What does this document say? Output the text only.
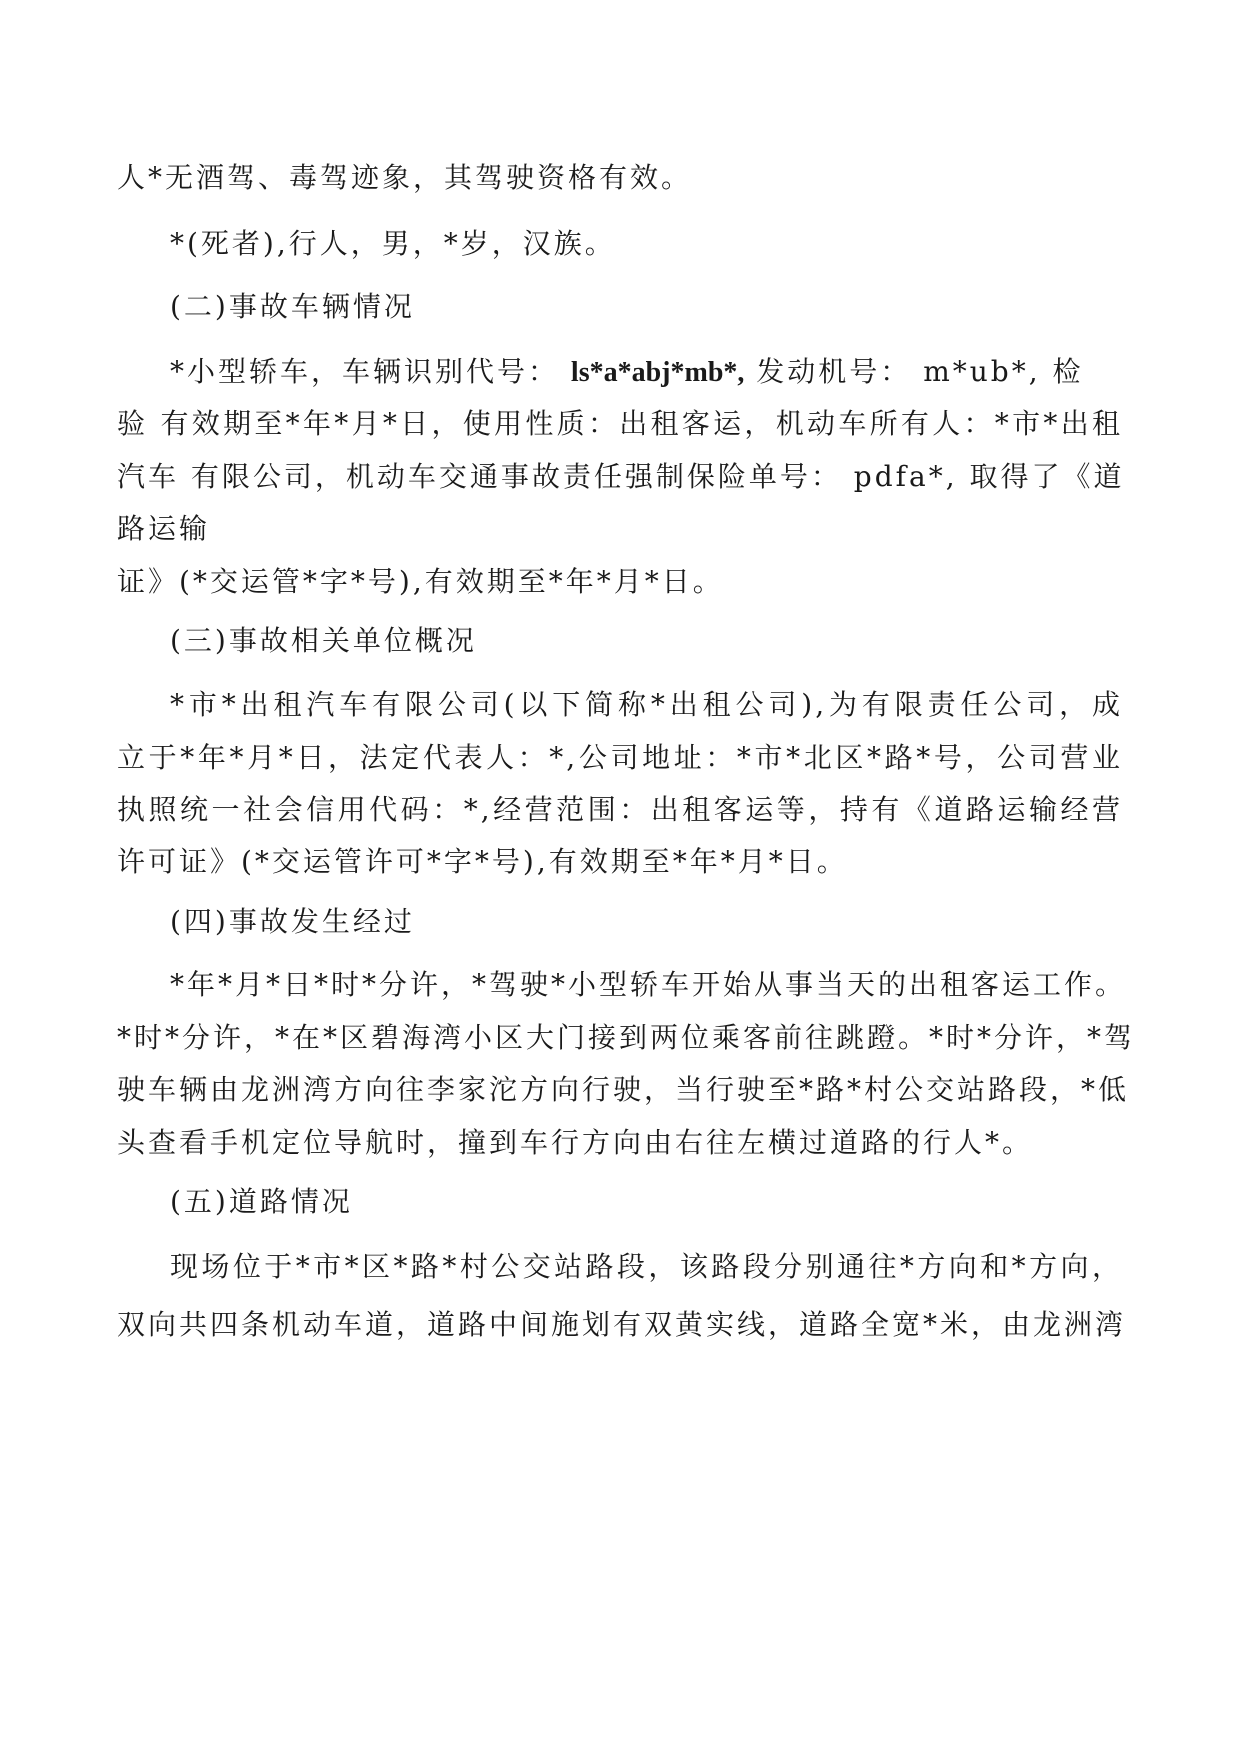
人*无酒驾、毒驾迹象，其驾驶资格有效。
*(死者),行人，男，*岁，汉族。
(二)事故车辆情况
*小型轿车，车辆识别代号： ls*a*abj*mb*, 发动机号： m*ub*, 检
验 有效期至*年*月*日，使用性质：出租客运，机动车所有人：*市*出租
汽车 有限公司，机动车交通事故责任强制保险单号： pdfa*, 取得了《道
路运输
证》(*交运管*字*号),有效期至*年*月*日。
(三)事故相关单位概况
*市*出租汽车有限公司(以下简称*出租公司),为有限责任公司，成
立于*年*月*日，法定代表人：*,公司地址：*市*北区*路*号，公司营业
执照统一社会信用代码：*,经营范围：出租客运等，持有《道路运输经营
许可证》(*交运管许可*字*号),有效期至*年*月*日。
(四)事故发生经过
*年*月*日*时*分许，*驾驶*小型轿车开始从事当天的出租客运工作。
*时*分许，*在*区碧海湾小区大门接到两位乘客前往跳蹬。*时*分许，*驾
驶车辆由龙洲湾方向往李家沱方向行驶，当行驶至*路*村公交站路段，*低
头查看手机定位导航时，撞到车行方向由右往左横过道路的行人*。
(五)道路情况
现场位于*市*区*路*村公交站路段，该路段分别通往*方向和*方向，
双向共四条机动车道，道路中间施划有双黄实线，道路全宽*米，由龙洲湾
